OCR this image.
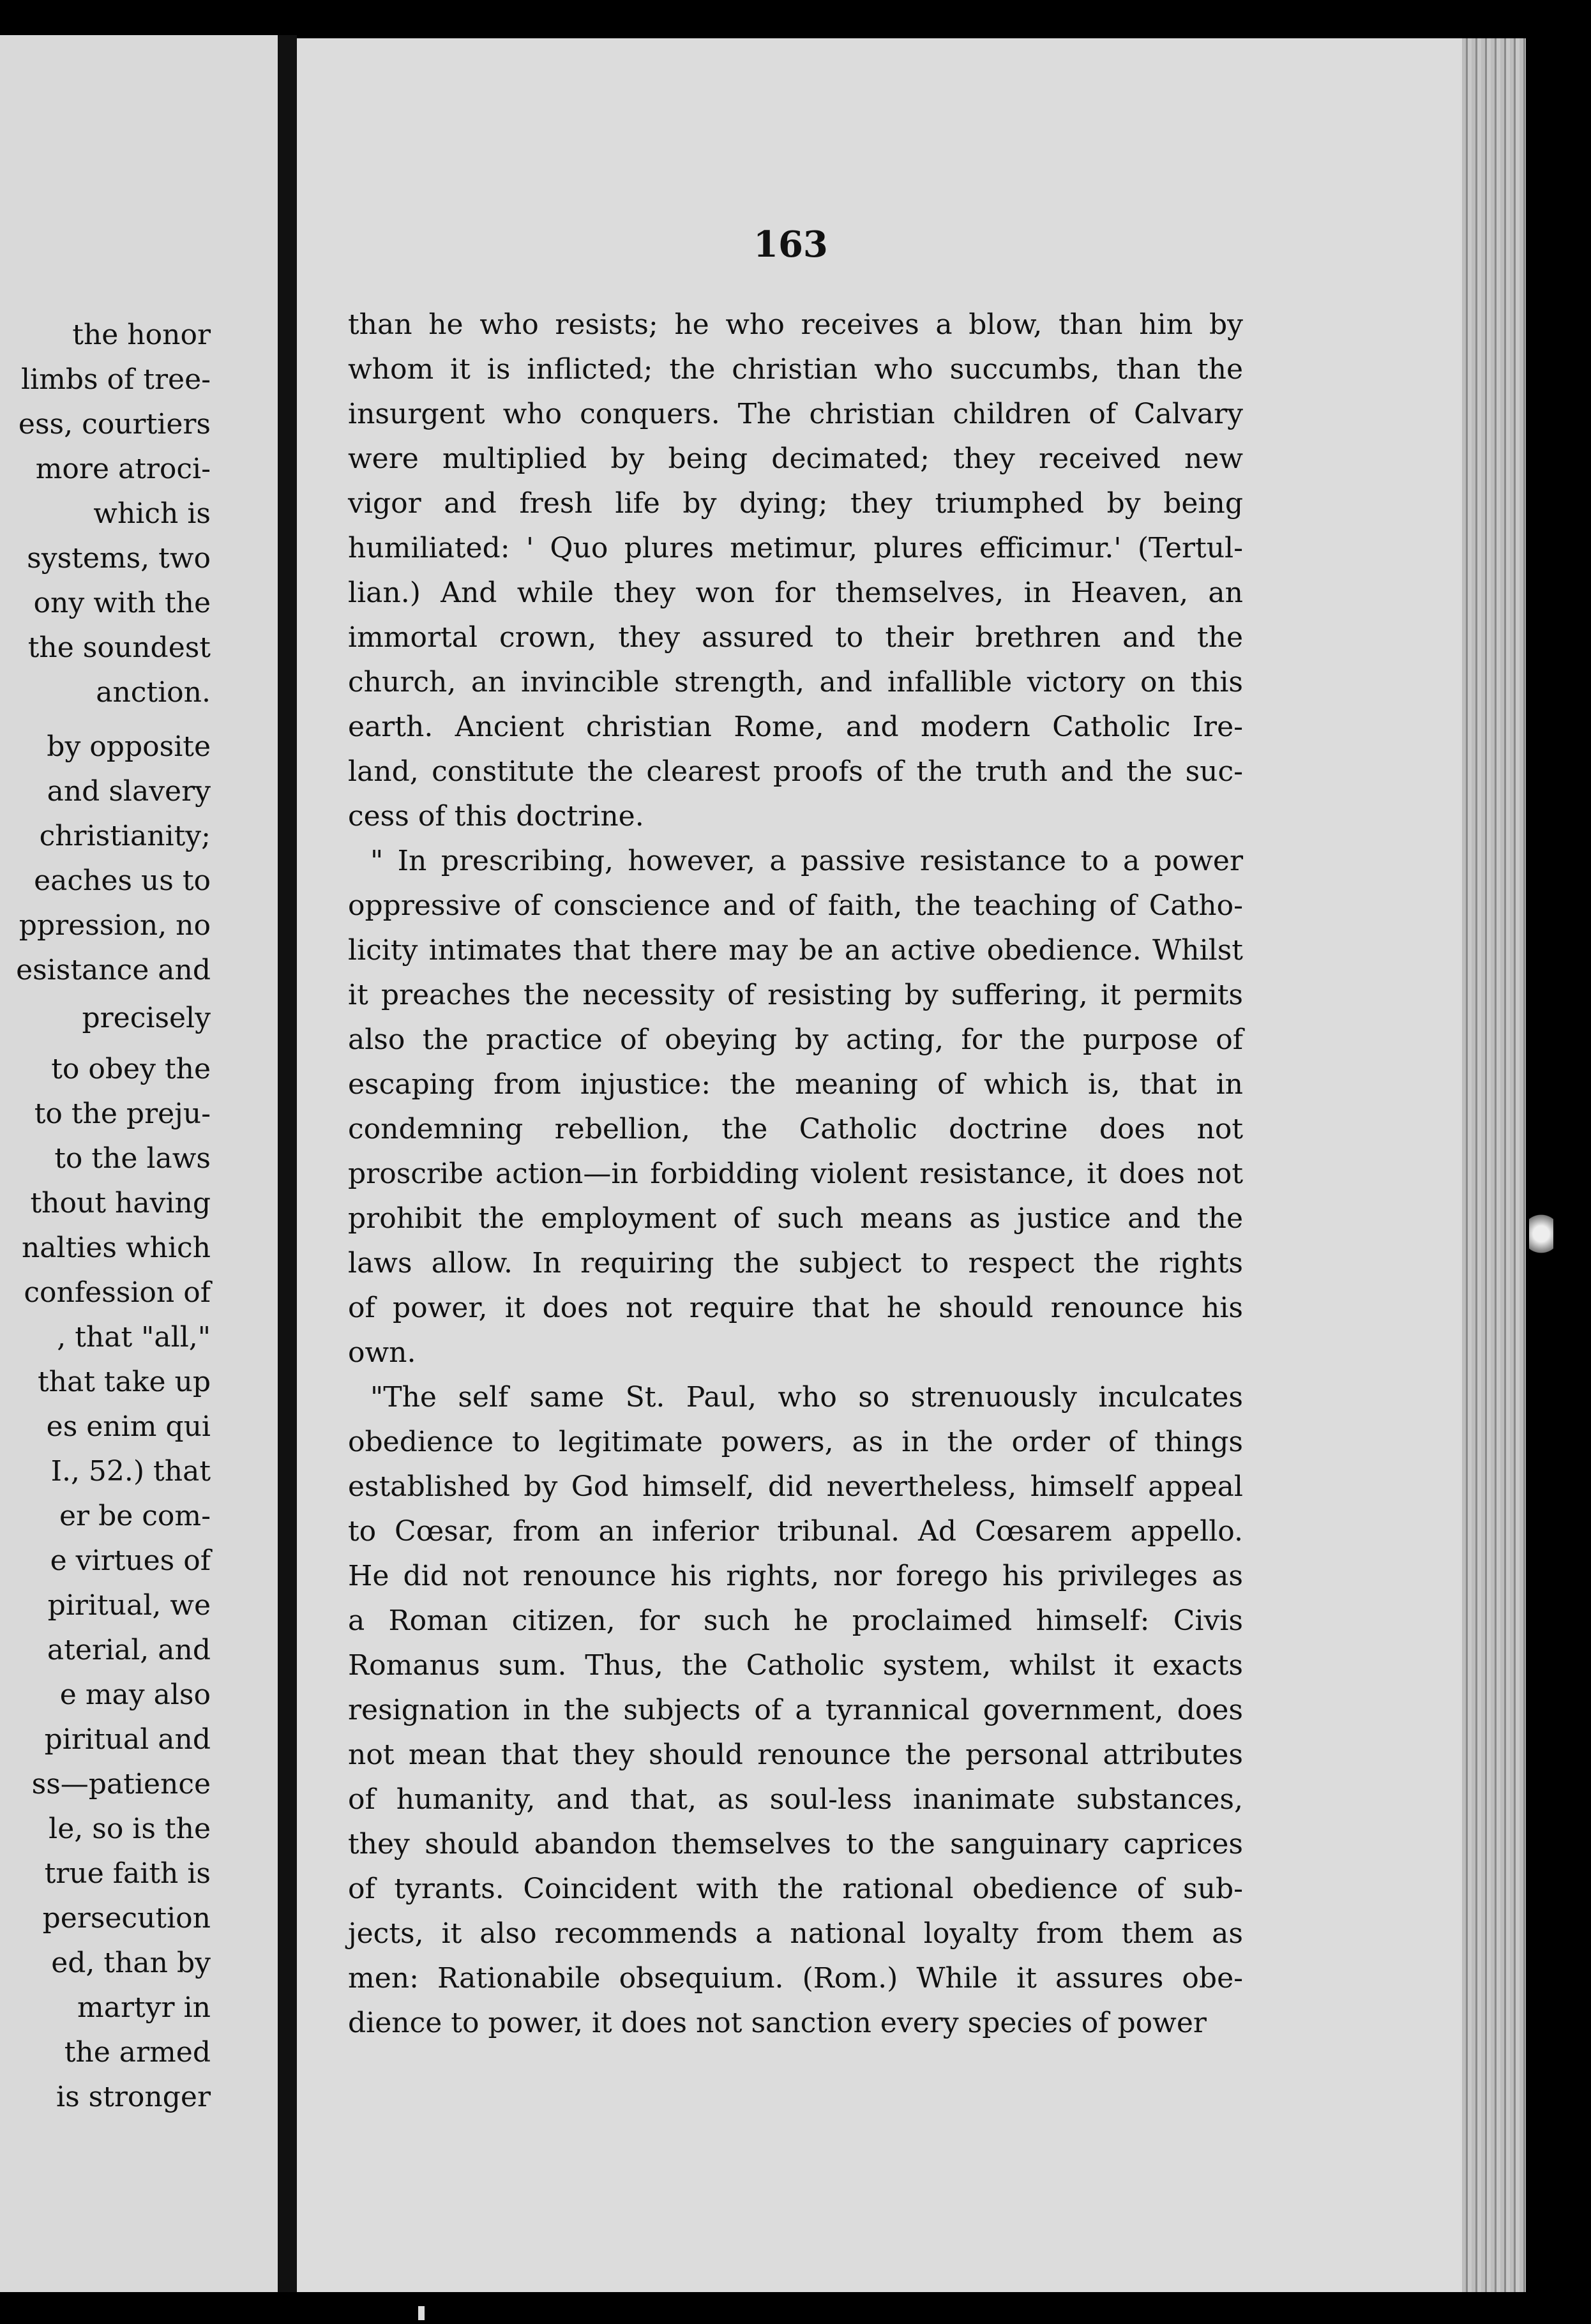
the honor
limbs of tree-
ess, courtiers
more atroci-
which is
systems, two
ony with the
the soundest
anction.
by opposite
and slavery
christianity;
eaches us to
ppression, no
esistance and
precisely
to obey the
to the preju-
to the laws
thout having
nalties which
confession of
, that "all,"
that take up
es enim qui
I., 52.) that
er be com-
e virtues of
piritual, we
aterial, and
e may also
piritual and
ss—patience
le, so is the
true faith is
persecution
ed, than by
martyr in
the armed
is stronger
163
than he who resists; he who receives a blow, than him by
whom it is inflicted; the christian who succumbs, than the
insurgent who conquers. The christian children of Calvary
were multiplied by being decimated; they received new
vigor and fresh life by dying; they triumphed by being
humiliated: ' Quo plures metimur, plures efficimur.' (Tertul-
lian.) And while they won for themselves, in Heaven, an
immortal crown, they assured to their brethren and the
church, an invincible strength, and infallible victory on this
earth. Ancient christian Rome, and modern Catholic Ire-
land, constitute the clearest proofs of the truth and the suc-
cess of this doctrine.
" In prescribing, however, a passive resistance to a power
oppressive of conscience and of faith, the teaching of Catho-
licity intimates that there may be an active obedience. Whilst
it preaches the necessity of resisting by suffering, it permits
also the practice of obeying by acting, for the purpose of
escaping from injustice: the meaning of which is, that in
condemning rebellion, the Catholic doctrine does not
proscribe action—in forbidding violent resistance, it does not
prohibit the employment of such means as justice and the
laws allow. In requiring the subject to respect the rights
of power, it does not require that he should renounce his
own.
"The self same St. Paul, who so strenuously inculcates
obedience to legitimate powers, as in the order of things
established by God himself, did nevertheless, himself appeal
to Cœsar, from an inferior tribunal. Ad Cœsarem appello.
He did not renounce his rights, nor forego his privileges as
a Roman citizen, for such he proclaimed himself: Civis
Romanus sum. Thus, the Catholic system, whilst it exacts
resignation in the subjects of a tyrannical government, does
not mean that they should renounce the personal attributes
of humanity, and that, as soul-less inanimate substances,
they should abandon themselves to the sanguinary caprices
of tyrants. Coincident with the rational obedience of sub-
jects, it also recommends a national loyalty from them as
men: Rationabile obsequium. (Rom.) While it assures obe-
dience to power, it does not sanction every species of power
